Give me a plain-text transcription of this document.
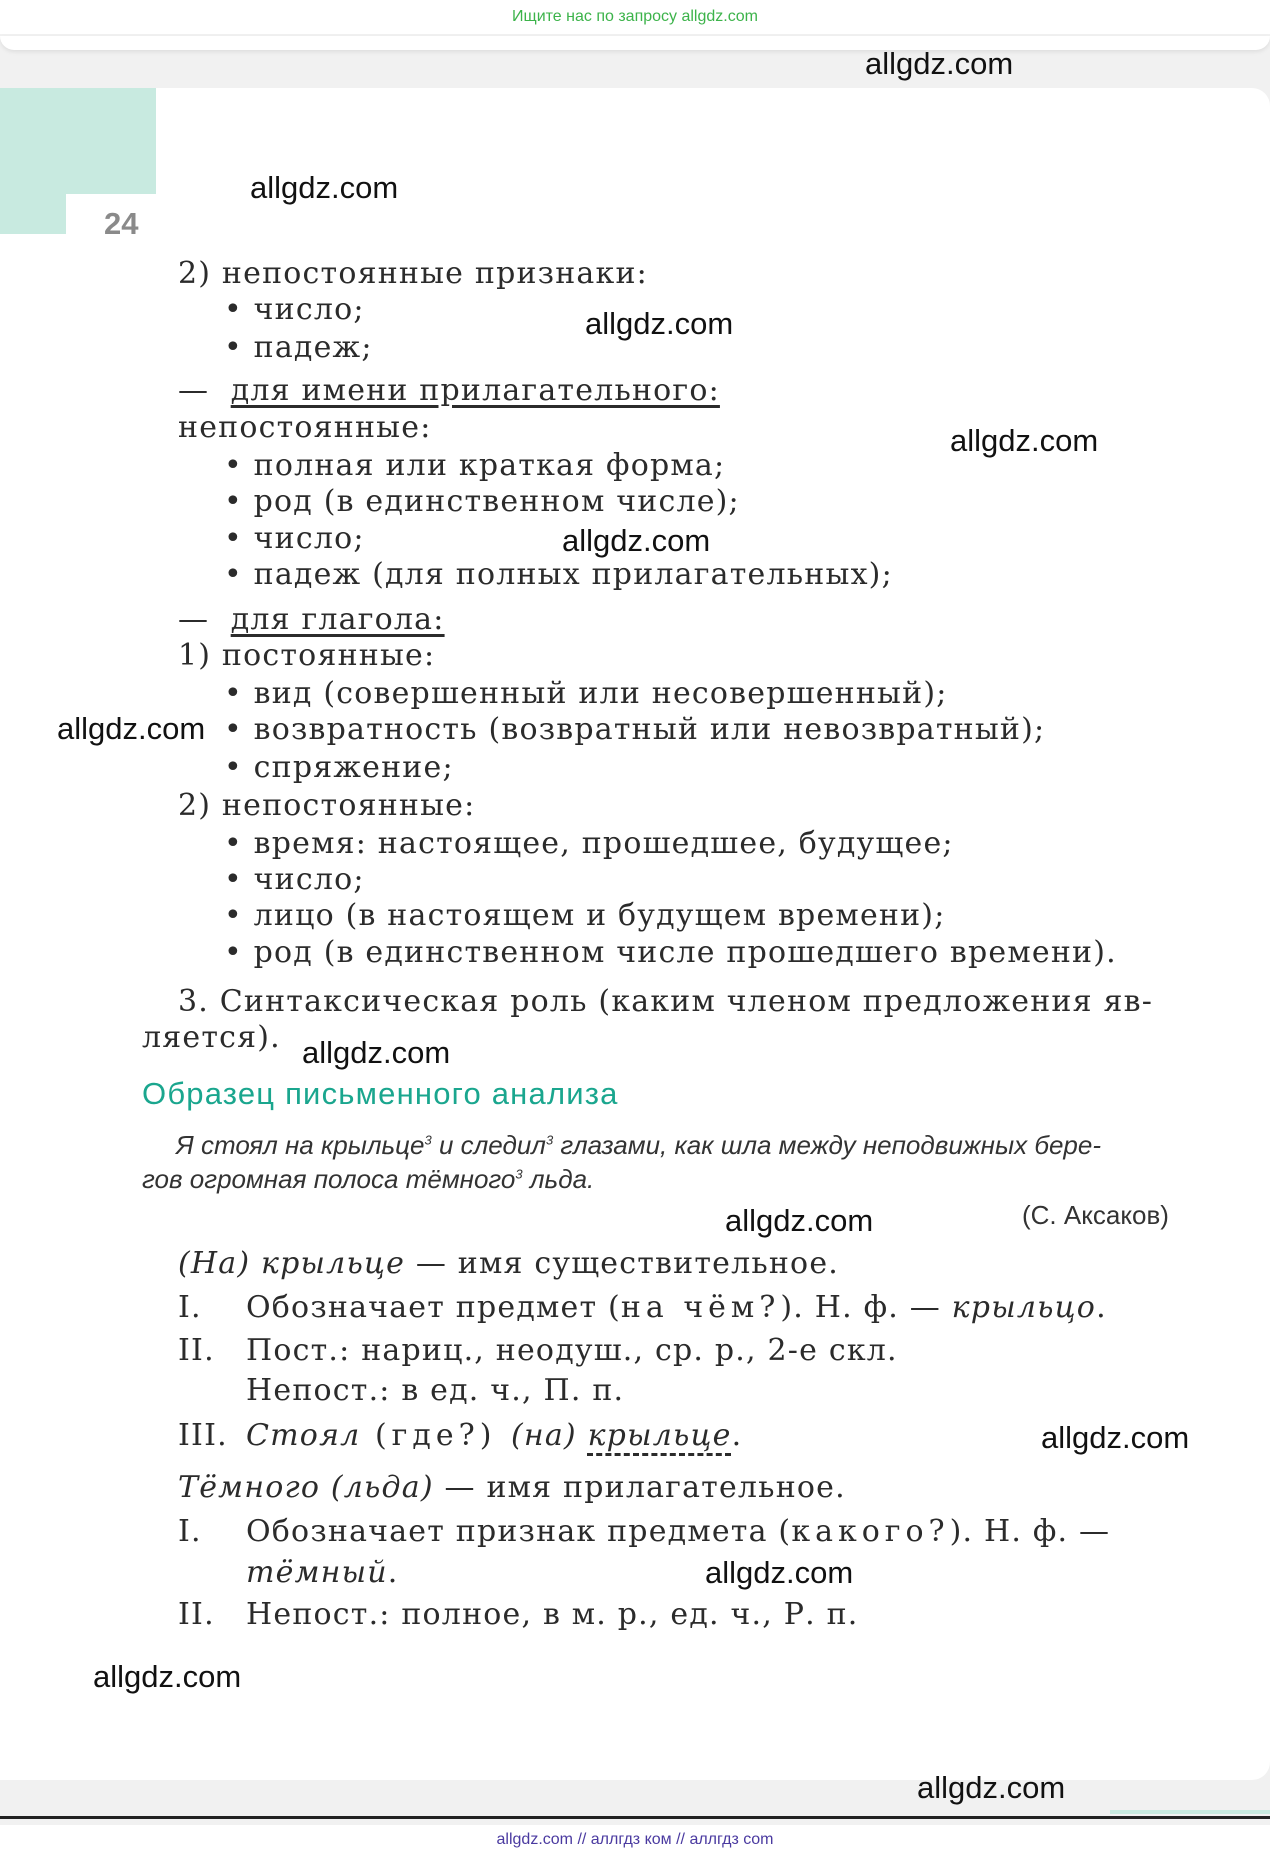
Ищите нас по запросу allgdz.com
24
allgdz.com
allgdz.com
allgdz.com
allgdz.com
allgdz.com
allgdz.com
allgdz.com
allgdz.com
allgdz.com
allgdz.com
allgdz.com
allgdz.com
2) непостоянные признаки:
• число;
• падеж;
— для имени прилагательного:
непостоянные:
• полная или краткая форма;
• род (в единственном числе);
• число;
• падеж (для полных прилагательных);
— для глагола:
1) постоянные:
• вид (совершенный или несовершенный);
• возвратность (возвратный или невозвратный);
• спряжение;
2) непостоянные:
• время: настоящее, прошедшее, будущее;
• число;
• лицо (в настоящем и будущем времени);
• род (в единственном числе прошедшего времени).
3. Синтаксическая роль (каким членом предложения яв-
ляется).
Образец письменного анализа
Я стоял на крыльце$^3$ и следил$^3$ глазами, как шла между неподвижных бере-
гов огромная полоса тёмного$^3$ льда.
(С. Аксаков)
(На) крыльце — имя существительное.
I. Обозначает предмет (на чём?). Н. ф. — крыльцо.
II. Пост.: нариц., неодуш., ср. р., 2-е скл.
Непост.: в ед. ч., П. п.
III. Стоял (где?) (на) крыльце.
Тёмного (льда) — имя прилагательное.
I. Обозначает признак предмета (какого?). Н. ф. —
тёмный.
II. Непост.: полное, в м. р., ед. ч., Р. п.
allgdz.com // аллгдз ком // аллгдз com
